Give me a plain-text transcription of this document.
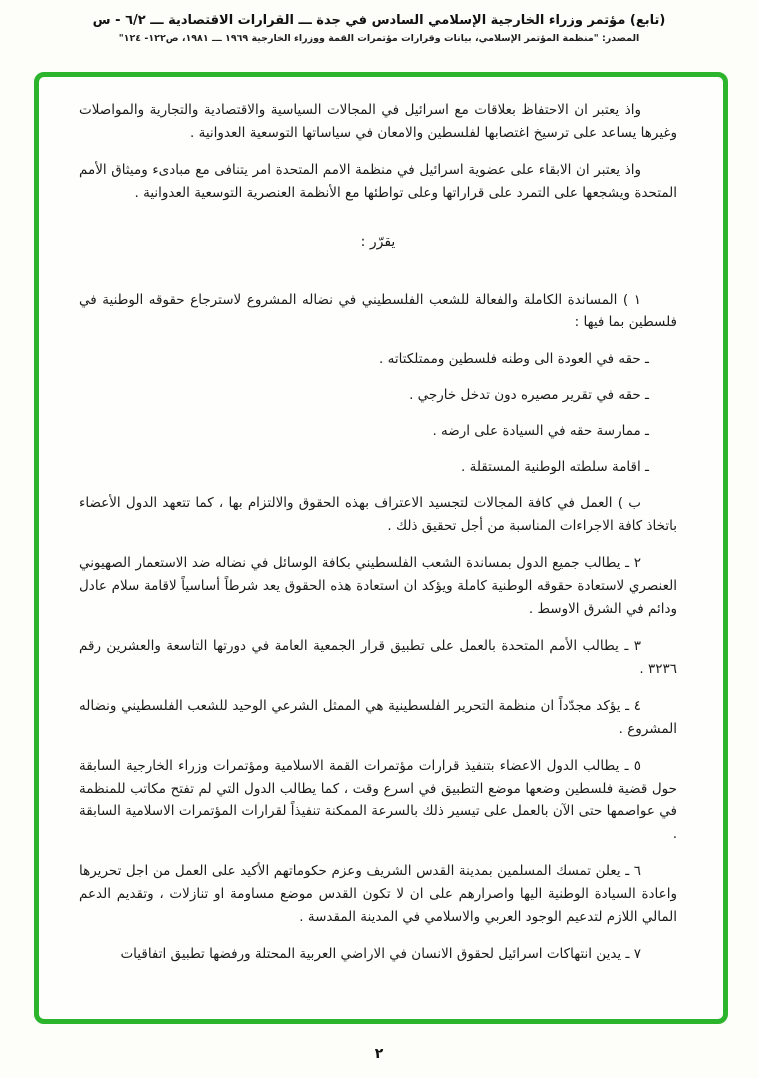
(تابع) مؤتمر وزراء الخارجية الإسلامي السادس في جدة ـــ القرارات الاقتصادية ـــ ٦/٢ - س
المصدر: "منظمة المؤتمر الإسلامي، بيانات وقرارات مؤتمرات القمة ووزراء الخارجية ١٩٦٩ ـــ ١٩٨١، ص١٢٢- ١٢٤"

واذ يعتبر ان الاحتفاظ بعلاقات مع اسرائيل في المجالات السياسية والاقتصادية والتجارية والمواصلات وغيرها يساعد على ترسيخ اغتصابها لفلسطين والامعان في سياساتها التوسعية العدوانية .

واذ يعتبر ان الابقاء على عضوية اسرائيل في منظمة الامم المتحدة امر يتنافى مع مبادىء وميثاق الأمم المتحدة ويشجعها على التمرد على قراراتها وعلى تواطئها مع الأنظمة العنصرية التوسعية العدوانية .

يقرّر :

١ ) المساندة الكاملة والفعالة للشعب الفلسطيني في نضاله المشروع لاسترجاع حقوقه الوطنية في فلسطين بما فيها :

ـ حقه في العودة الى وطنه فلسطين وممتلكتاته .

ـ حقه في تقرير مصيره دون تدخل خارجي .

ـ ممارسة حقه في السيادة على ارضه .

ـ اقامة سلطته الوطنية المستقلة .

ب ) العمل في كافة المجالات لتجسيد الاعتراف بهذه الحقوق والالتزام بها ، كما تتعهد الدول الأعضاء باتخاذ كافة الاجراءات المناسبة من أجل تحقيق ذلك .

٢ ـ يطالب جميع الدول بمساندة الشعب الفلسطيني بكافة الوسائل في نضاله ضد الاستعمار الصهيوني العنصري لاستعادة حقوقه الوطنية كاملة ويؤكد ان استعادة هذه الحقوق يعد شرطاً أساسياً لاقامة سلام عادل ودائم في الشرق الاوسط .

٣ ـ يطالب الأمم المتحدة بالعمل على تطبيق قرار الجمعية العامة في دورتها التاسعة والعشرين رقم ٣٢٣٦ .

٤ ـ يؤكد مجدّداً ان منظمة التحرير الفلسطينية هي الممثل الشرعي الوحيد للشعب الفلسطيني ونضاله المشروع .

٥ ـ يطالب الدول الاعضاء بتنفيذ قرارات مؤتمرات القمة الاسلامية ومؤتمرات وزراء الخارجية السابقة حول قضية فلسطين وضعها موضع التطبيق في اسرع وقت ، كما يطالب الدول التي لم تفتح مكاتب للمنظمة في عواصمها حتى الآن بالعمل على تيسير ذلك بالسرعة الممكنة تنفيذاً لقرارات المؤتمرات الاسلامية السابقة .

٦ ـ يعلن تمسك المسلمين بمدينة القدس الشريف وعزم حكوماتهم الأكيد على العمل من اجل تحريرها واعادة السيادة الوطنية اليها واصرارهم على ان لا تكون القدس موضع مساومة او تنازلات ، وتقديم الدعم المالي اللازم لتدعيم الوجود العربي والاسلامي في المدينة المقدسة .

٧ ـ يدين انتهاكات اسرائيل لحقوق الانسان في الاراضي العربية المحتلة ورفضها تطبيق اتفاقيات

٢
